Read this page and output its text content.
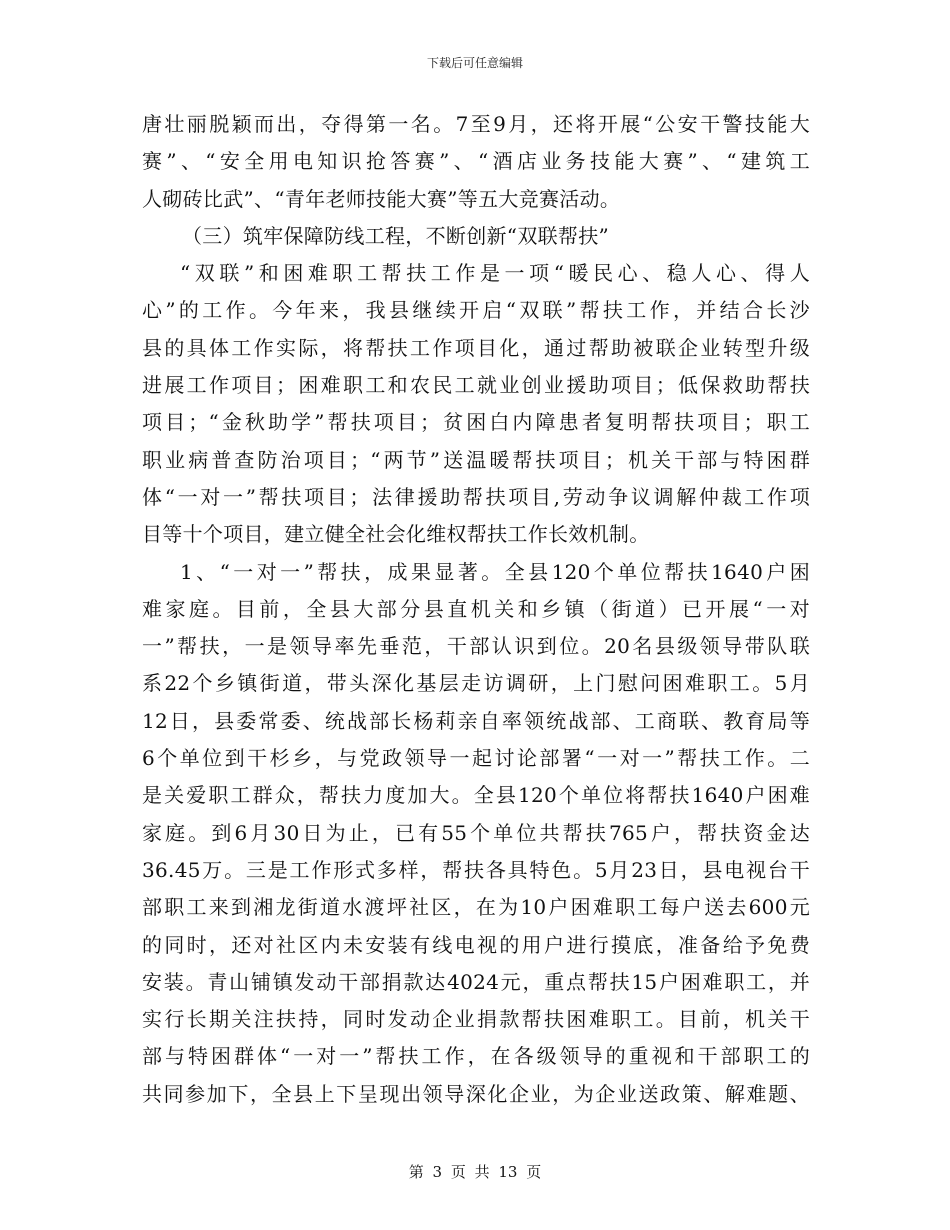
下载后可任意编辑
唐壮丽脱颖而出，夺得第一名。7至9月，还将开展“公安干警技能大
赛”、“安全用电知识抢答赛”、“酒店业务技能大赛”、“建筑工
人砌砖比武”、“青年老师技能大赛”等五大竞赛活动。
（三）筑牢保障防线工程，不断创新“双联帮扶”
“双联”和困难职工帮扶工作是一项“暖民心、稳人心、得人
心”的工作。今年来，我县继续开启“双联”帮扶工作，并结合长沙
县的具体工作实际，将帮扶工作项目化，通过帮助被联企业转型升级
进展工作项目；困难职工和农民工就业创业援助项目；低保救助帮扶
项目；“金秋助学”帮扶项目；贫困白内障患者复明帮扶项目；职工
职业病普查防治项目；“两节”送温暖帮扶项目；机关干部与特困群
体“一对一”帮扶项目；法律援助帮扶项目,劳动争议调解仲裁工作项
目等十个项目，建立健全社会化维权帮扶工作长效机制。
1、“一对一”帮扶，成果显著。全县120个单位帮扶1640户困
难家庭。目前，全县大部分县直机关和乡镇（街道）已开展“一对
一”帮扶，一是领导率先垂范，干部认识到位。20名县级领导带队联
系22个乡镇街道，带头深化基层走访调研，上门慰问困难职工。5月
12日，县委常委、统战部长杨莉亲自率领统战部、工商联、教育局等
6个单位到干杉乡，与党政领导一起讨论部署“一对一”帮扶工作。二
是关爱职工群众，帮扶力度加大。全县120个单位将帮扶1640户困难
家庭。到6月30日为止，已有55个单位共帮扶765户，帮扶资金达
36.45万。三是工作形式多样，帮扶各具特色。5月23日，县电视台干
部职工来到湘龙街道水渡坪社区，在为10户困难职工每户送去600元
的同时，还对社区内未安装有线电视的用户进行摸底，准备给予免费
安装。青山铺镇发动干部捐款达4024元，重点帮扶15户困难职工，并
实行长期关注扶持，同时发动企业捐款帮扶困难职工。目前，机关干
部与特困群体“一对一”帮扶工作，在各级领导的重视和干部职工的
共同参加下，全县上下呈现出领导深化企业，为企业送政策、解难题、
第 3 页 共 13 页
